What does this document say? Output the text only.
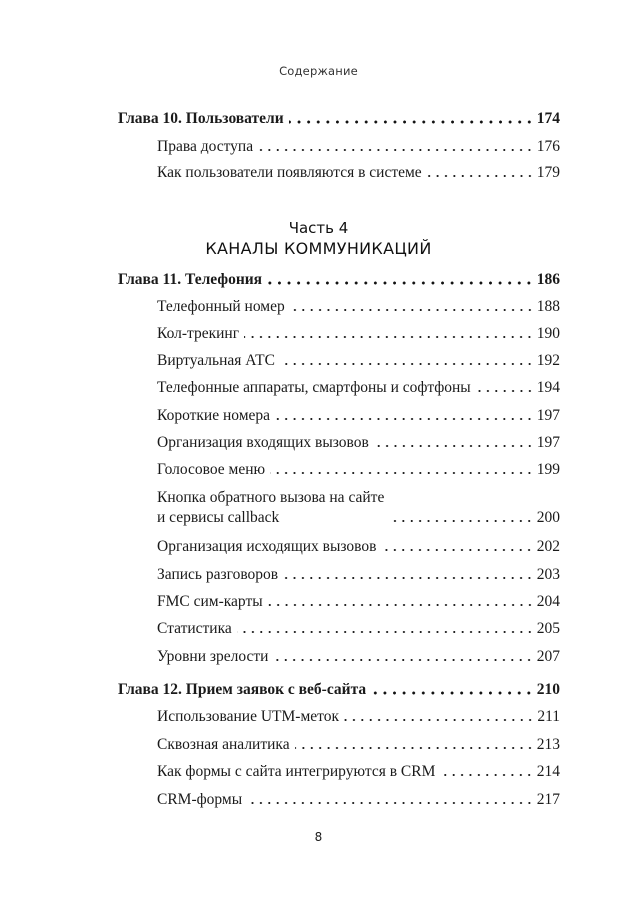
Содержание
Глава 10. Пользователи	174
Права доступа	176
Как пользователи появляются в системе	179
Часть 4
КАНАЛЫ КОММУНИКАЦИЙ
Глава 11. Телефония	186
Телефонный номер	188
Кол-трекинг	190
Виртуальная АТС	192
Телефонные аппараты, смартфоны и софтфоны	194
Короткие номера	197
Организация входящих вызовов	197
Голосовое меню	199
Кнопка обратного вызова на сайте
и сервисы callback	200
Организация исходящих вызовов	202
Запись разговоров	203
FMC сим-карты	204
Статистика	205
Уровни зрелости	207
Глава 12. Прием заявок с веб-сайта	210
Использование UTM-меток	211
Сквозная аналитика	213
Как формы с сайта интегрируются в CRM	214
CRM-формы	217
8
